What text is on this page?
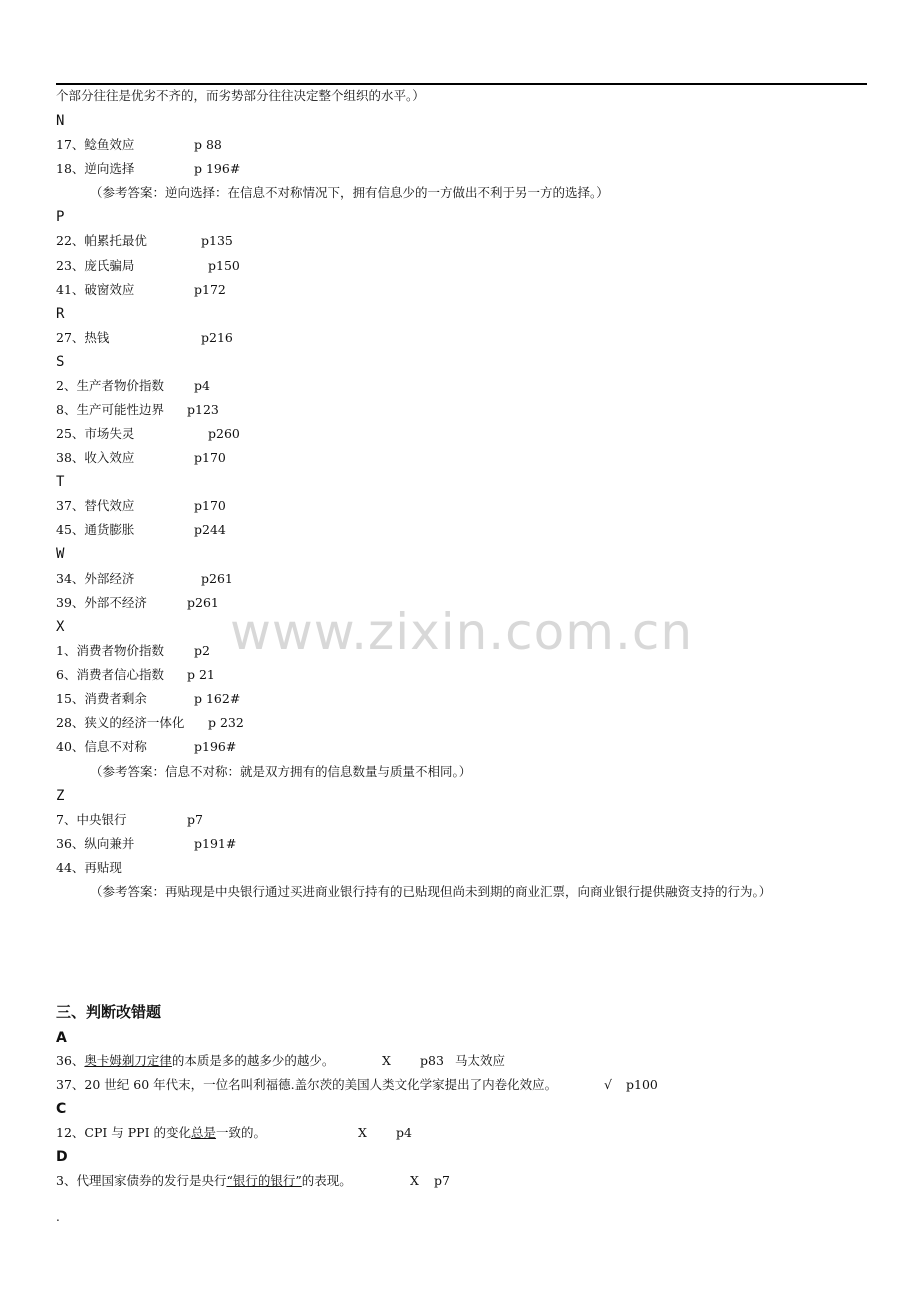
www.zixin.com.cn
个部分往往是优劣不齐的，而劣势部分往往决定整个组织的水平。）
N
17、鲶鱼效应	p 88
18、逆向选择	p 196#
（参考答案：逆向选择：在信息不对称情况下，拥有信息少的一方做出不利于另一方的选择。）
P
22、帕累托最优	p135
23、庞氏骗局	p150
41、破窗效应	p172
R
27、热钱	p216
S
2、生产者物价指数 p4
8、生产可能性边界 p123
25、市场失灵	p260
38、收入效应	p170
T
37、替代效应	p170
45、通货膨胀	p244
W
34、外部经济	p261
39、外部不经济	p261
X
1、消费者物价指数 p2
6、消费者信心指数 p 21
15、消费者剩余	p 162#
28、狭义的经济一体化 p 232
40、信息不对称	p196#
（参考答案：信息不对称：就是双方拥有的信息数量与质量不相同。）
Z
7、中央银行	p7
36、纵向兼并	p191#
44、再贴现
（参考答案：再贴现是中央银行通过买进商业银行持有的已贴现但尚未到期的商业汇票，向商业银行提供融资支持的行为。）
三、判断改错题
A
36、奥卡姆剃刀定律的本质是多的越多少的越少。	X p83 马太效应
37、20 世纪 60 年代末，一位名叫利福德.盖尔茨的美国人类文化学家提出了内卷化效应。	√ p100
C
12、CPI 与 PPI 的变化总是一致的。	X p4
D
3、代理国家债券的发行是央行“银行的银行”的表现。	X p7
.
